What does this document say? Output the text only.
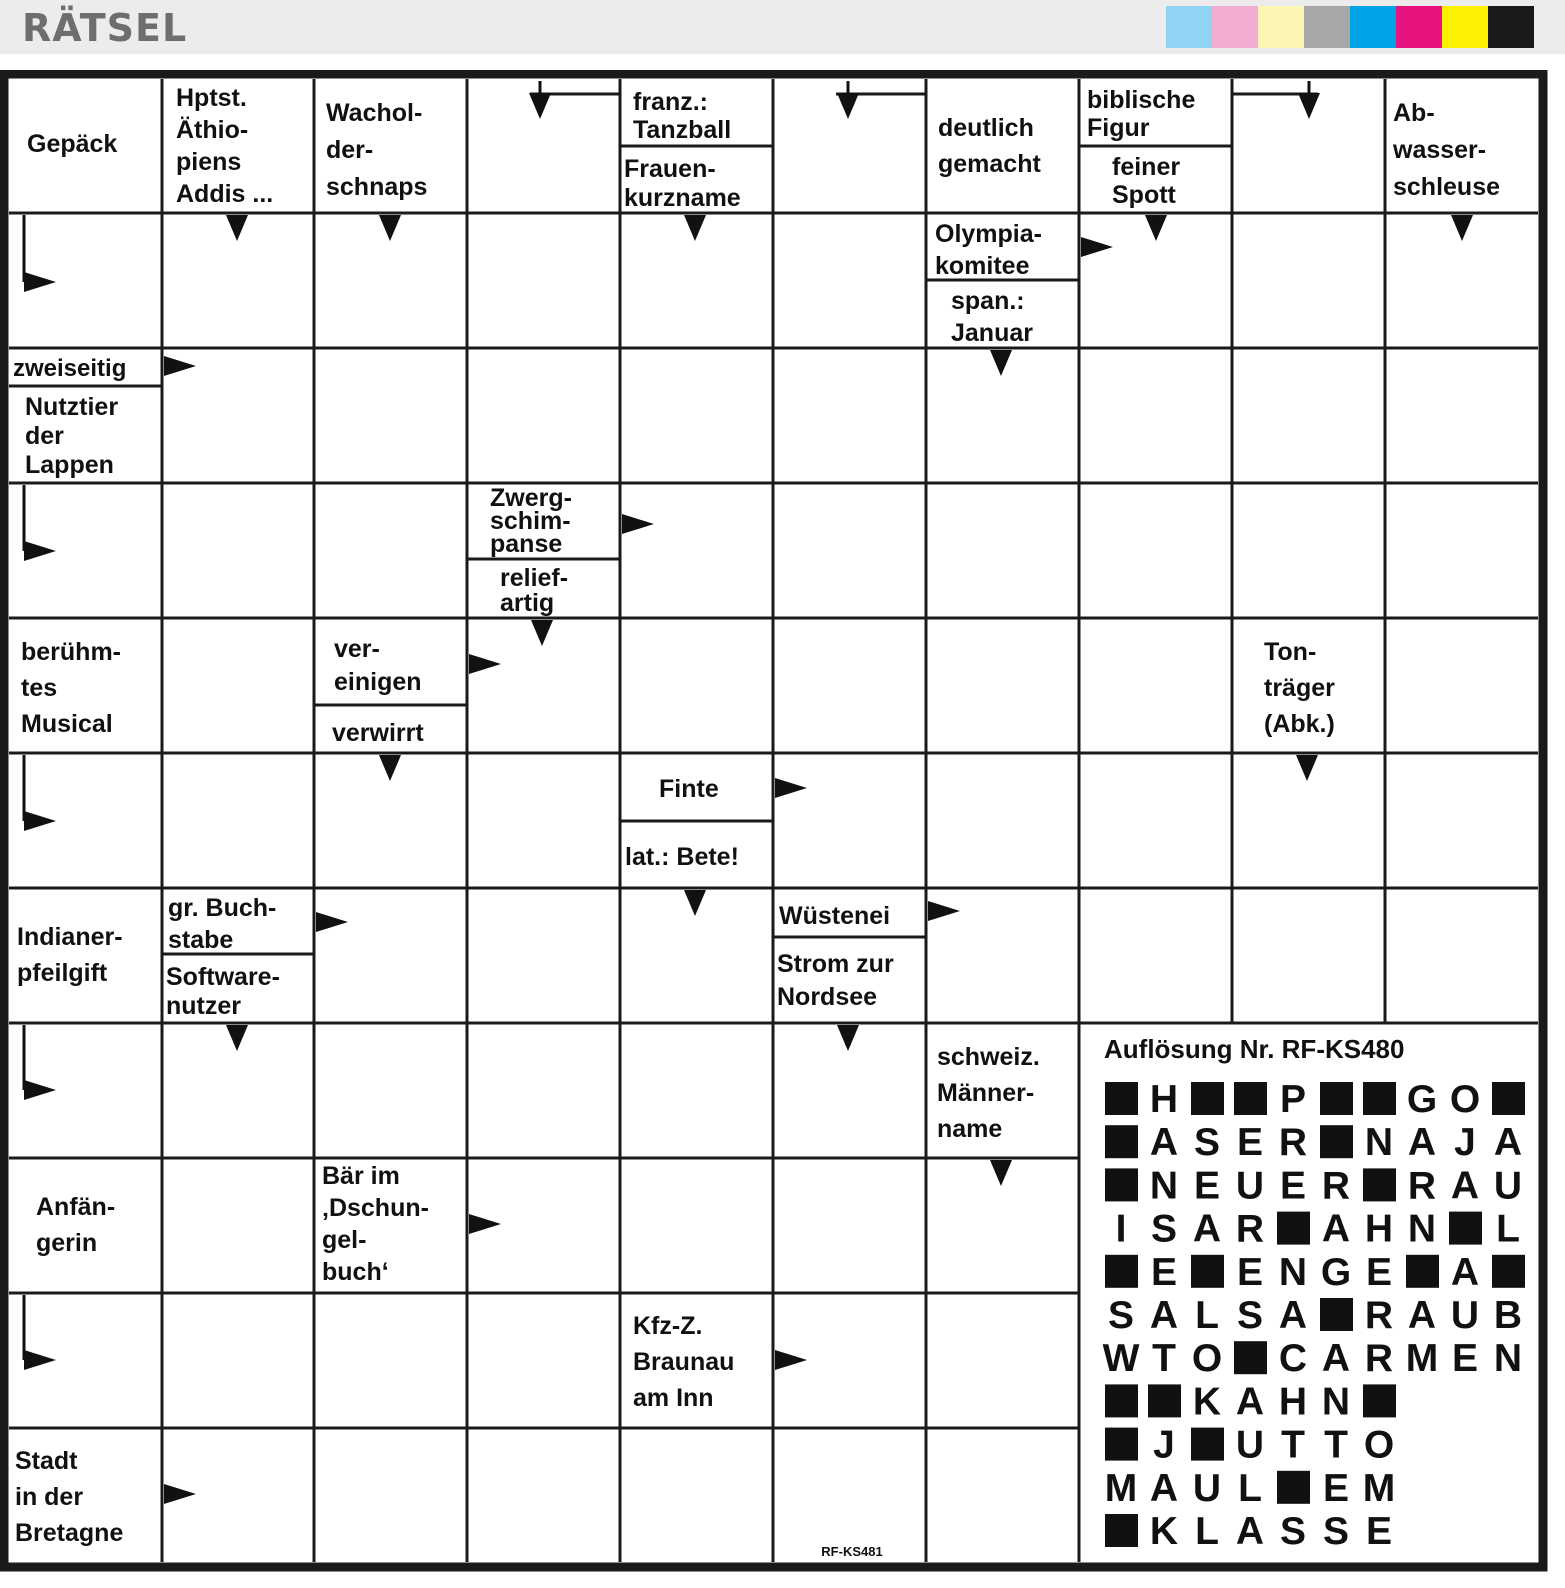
RÄTSEL
Gepäck
Hptst. Äthio-piens Addis ...
Wachol-der-schnaps
franz.: Tanzball
Frauen-kurzname
deutlich gemacht
biblische Figur
feiner Spott
Ab-wasser-schleuse
Olympia-komitee
span.: Januar
zweiseitig
Nutztier der Lappen
Zwerg-schim-panse
relief-artig
berühm-tes Musical
ver-einigen
verwirrt
Ton-träger (Abk.)
Finte
lat.: Bete!
Indianer-pfeilgift
gr. Buch-stabe
Software-nutzer
Wüstenei
Strom zur Nordsee
schweiz. Männer-name
Anfän-gerin
Bär im ‚Dschun-gel-buch‘
Kfz-Z. Braunau am Inn
Stadt in der Bretagne
Auflösung Nr. RF-KS480
H	P	G O
A S E R N A J A
N E U E R R A U
I S A R A H N L
E E N G E A
S A L S A R A U B
W T O C A R M E N
K A H N
J U T T O
M A U L E M
K L A S S E
RF-KS481
